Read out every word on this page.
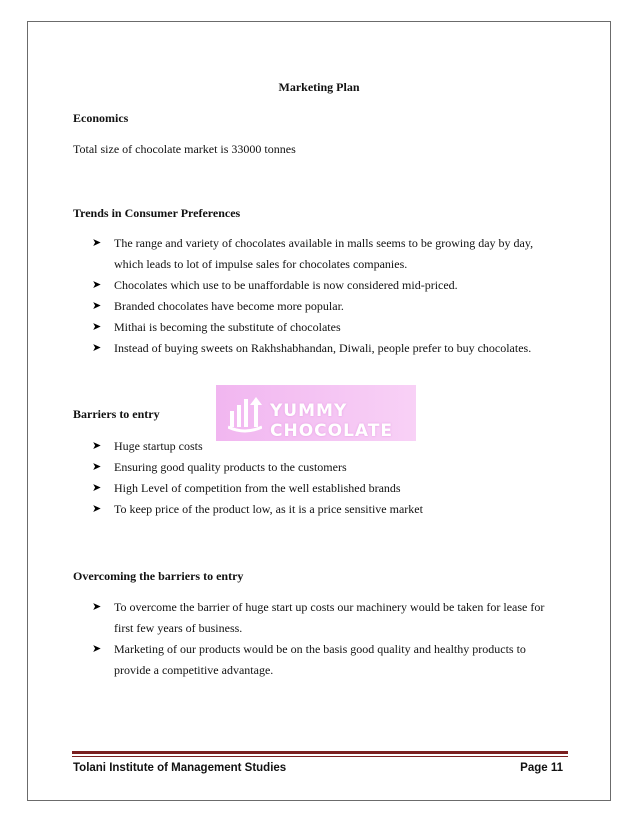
Marketing Plan
Economics
Total size of chocolate market is 33000 tonnes
Trends in Consumer Preferences
➤ The range and variety of chocolates available in malls seems to be growing day by day, which leads to lot of impulse sales for chocolates companies.
➤ Chocolates which use to be unaffordable is now considered mid-priced.
➤ Branded chocolates have become more popular.
➤ Mithai is becoming the substitute of chocolates
➤ Instead of buying sweets on Rakhshabhandan, Diwali, people prefer to buy chocolates.
YUMMY CHOCOLATE
Barriers to entry
➤ Huge startup costs
➤ Ensuring good quality products to the customers
➤ High Level of competition from the well established brands
➤ To keep price of the product low, as it is a price sensitive market
Overcoming the barriers to entry
➤ To overcome the barrier of huge start up costs our machinery would be taken for lease for first few years of business.
➤ Marketing of our products would be on the basis good quality and healthy products to provide a competitive advantage.
Tolani Institute of Management Studies	Page 11
